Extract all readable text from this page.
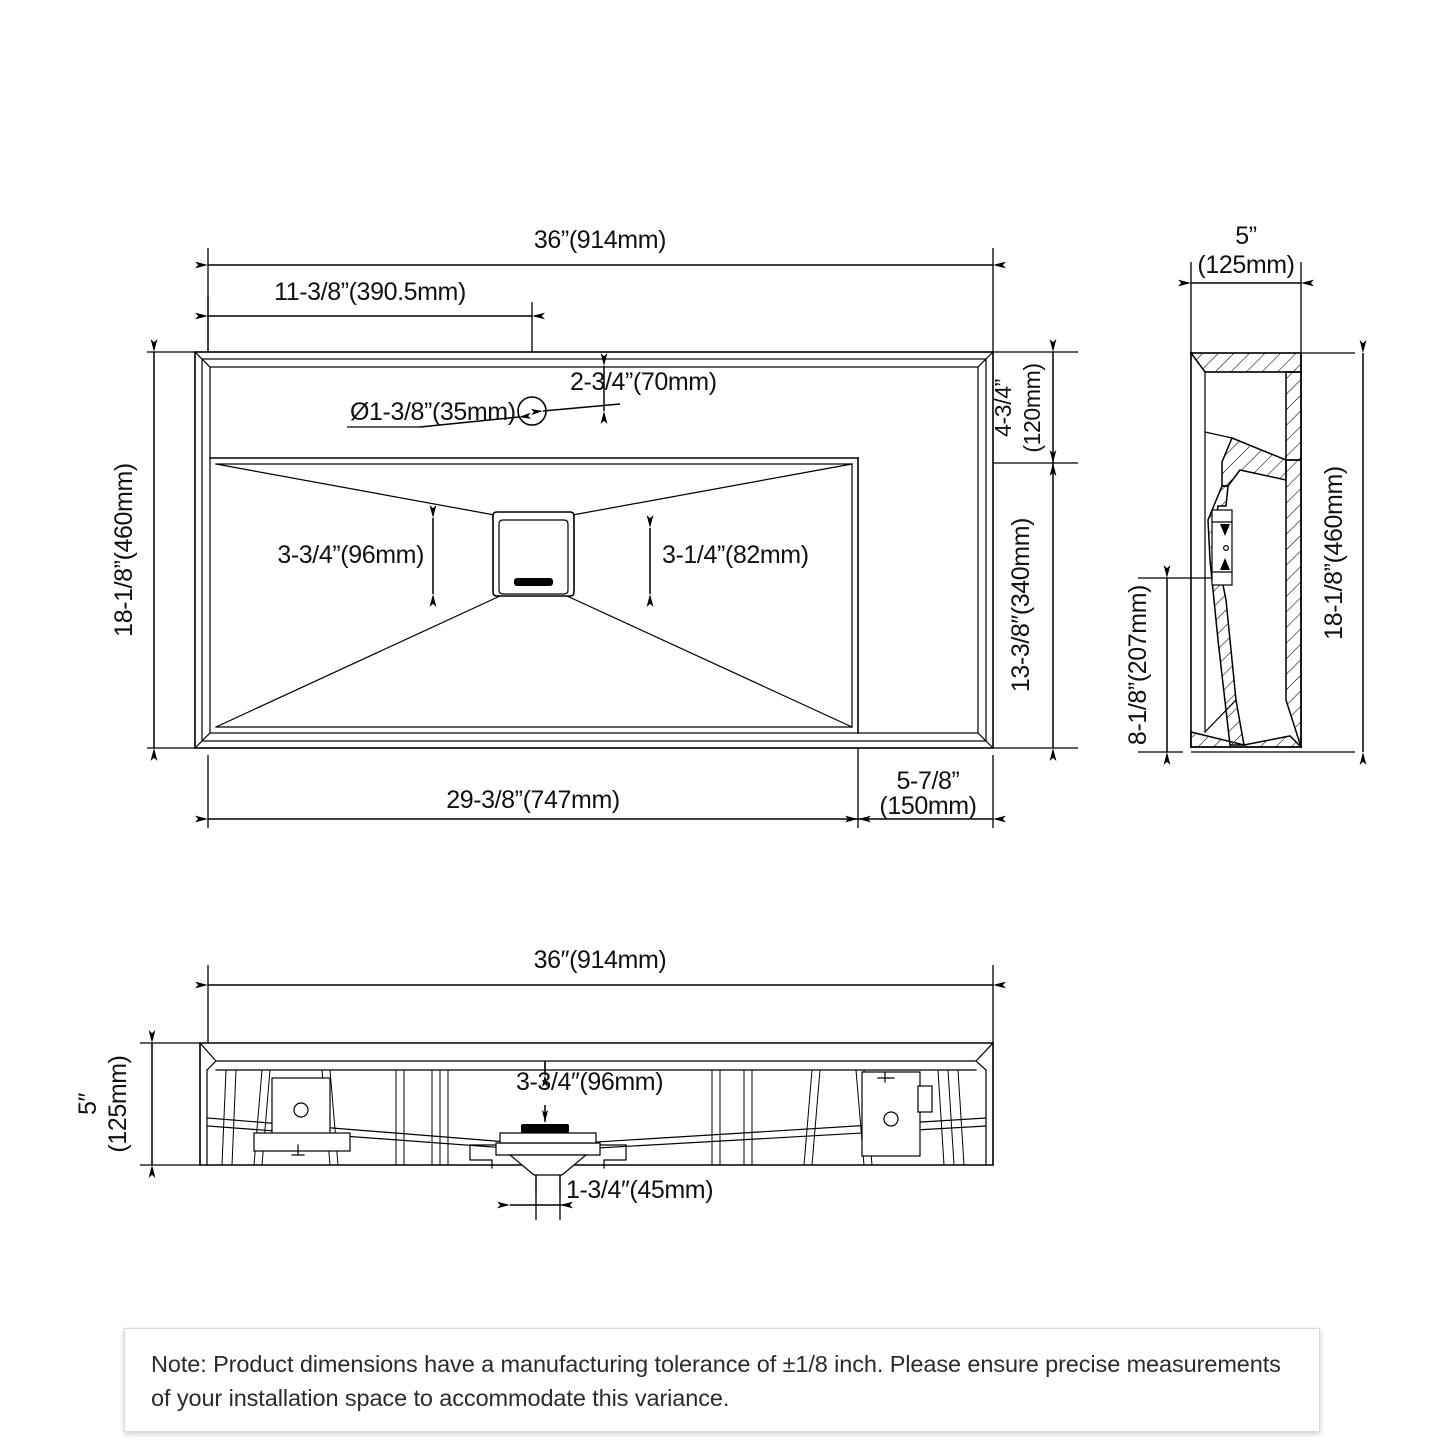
36”(914mm)
11-3/8”(390.5mm)
Ø1-3/8”(35mm)
2-3/4”(70mm)
18-1/8”(460mm)
4-3/4” (120mm)
13-3/8″(340mm)
3-3/4”(96mm)	3-1/4”(82mm)
29-3/8”(747mm)
5-7/8”
(150mm)
5”
(125mm)
8-1/8”(207mm)
18-1/8”(460mm)
36″(914mm)
5″ (125mm)	3-3/4″(96mm)
1-3/4″(45mm)

Note: Product dimensions have a manufacturing tolerance of ±1/8 inch. Please ensure precise measurements of your installation space to accommodate this variance.
